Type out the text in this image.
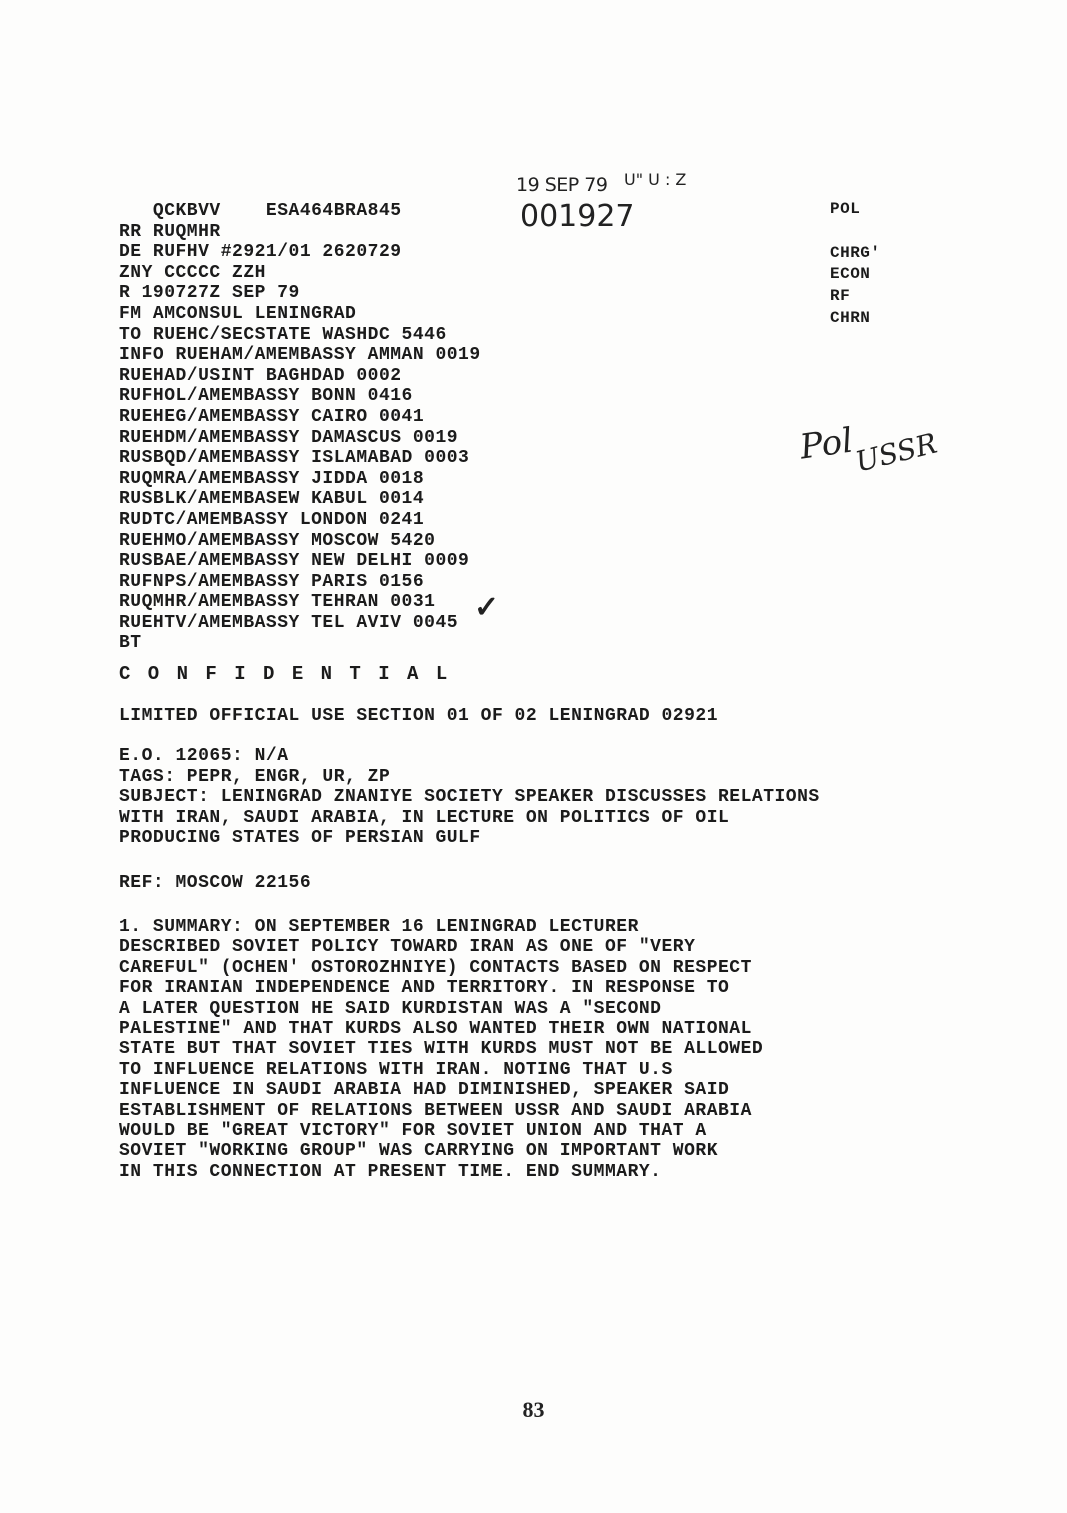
19 SEP 79 U" U : Z
001927
QCKBVV    ESA464BRA845
RR RUQMHR
DE RUFHV #2921/01 2620729
ZNY CCCCC ZZH
R 190727Z SEP 79
FM AMCONSUL LENINGRAD
TO RUEHC/SECSTATE WASHDC 5446
INFO RUEHAM/AMEMBASSY AMMAN 0019
RUEHAD/USINT BAGHDAD 0002
RUFHOL/AMEMBASSY BONN 0416
RUEHEG/AMEMBASSY CAIRO 0041
RUEHDM/AMEMBASSY DAMASCUS 0019
RUSBQD/AMEMBASSY ISLAMABAD 0003
RUQMRA/AMEMBASSY JIDDA 0018
RUSBLK/AMEMBASEW KABUL 0014
RUDTC/AMEMBASSY LONDON 0241
RUEHMO/AMEMBASSY MOSCOW 5420
RUSBAE/AMEMBASSY NEW DELHI 0009
RUFNPS/AMEMBASSY PARIS 0156
RUQMHR/AMEMBASSY TEHRAN 0031
RUEHTV/AMEMBASSY TEL AVIV 0045
BT
POL

CHRG'
ECON
RF
CHRN
✓
Pol
USSR
C O N F I D E N T I A L
LIMITED OFFICIAL USE SECTION 01 OF 02 LENINGRAD 02921
E.O. 12065: N/A
TAGS: PEPR, ENGR, UR, ZP
SUBJECT: LENINGRAD ZNANIYE SOCIETY SPEAKER DISCUSSES RELATIONS
WITH IRAN, SAUDI ARABIA, IN LECTURE ON POLITICS OF OIL
PRODUCING STATES OF PERSIAN GULF
REF: MOSCOW 22156
1. SUMMARY: ON SEPTEMBER 16 LENINGRAD LECTURER
DESCRIBED SOVIET POLICY TOWARD IRAN AS ONE OF "VERY
CAREFUL" (OCHEN' OSTOROZHNIYE) CONTACTS BASED ON RESPECT
FOR IRANIAN INDEPENDENCE AND TERRITORY. IN RESPONSE TO
A LATER QUESTION HE SAID KURDISTAN WAS A "SECOND
PALESTINE" AND THAT KURDS ALSO WANTED THEIR OWN NATIONAL
STATE BUT THAT SOVIET TIES WITH KURDS MUST NOT BE ALLOWED
TO INFLUENCE RELATIONS WITH IRAN. NOTING THAT U.S
INFLUENCE IN SAUDI ARABIA HAD DIMINISHED, SPEAKER SAID
ESTABLISHMENT OF RELATIONS BETWEEN USSR AND SAUDI ARABIA
WOULD BE "GREAT VICTORY" FOR SOVIET UNION AND THAT A
SOVIET "WORKING GROUP" WAS CARRYING ON IMPORTANT WORK
IN THIS CONNECTION AT PRESENT TIME. END SUMMARY.
83
